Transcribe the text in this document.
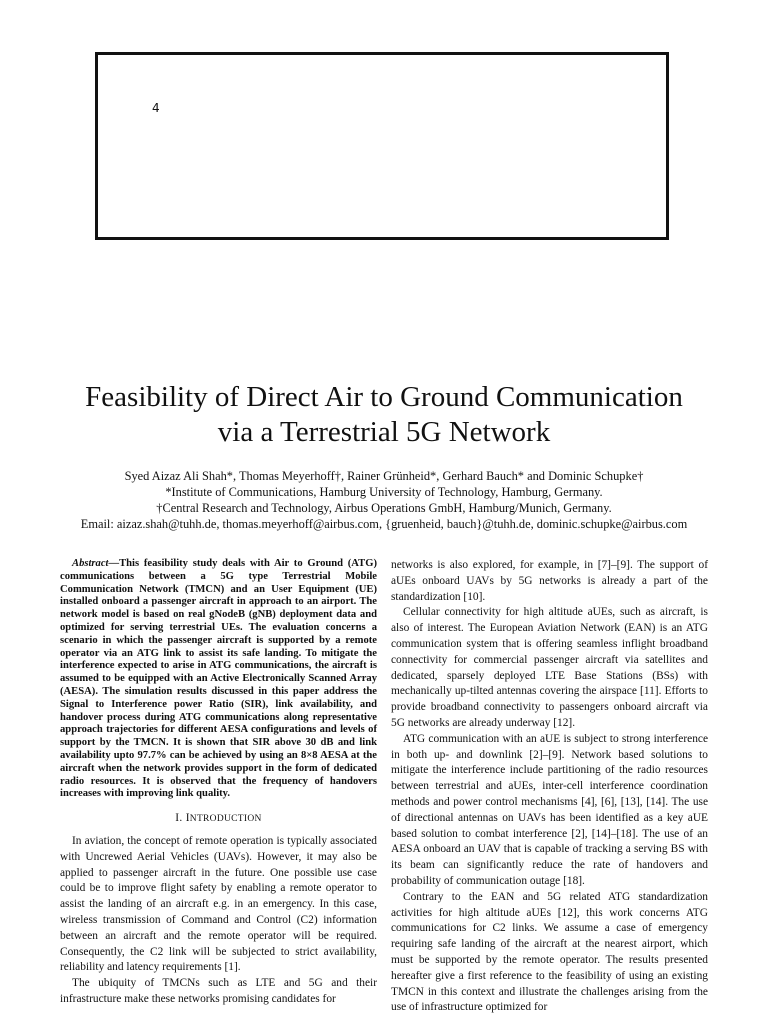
4
Feasibility of Direct Air to Ground Communication
via a Terrestrial 5G Network
Syed Aizaz Ali Shah*, Thomas Meyerhoff†, Rainer Grünheid*, Gerhard Bauch* and Dominic Schupke†
*Institute of Communications, Hamburg University of Technology, Hamburg, Germany.
†Central Research and Technology, Airbus Operations GmbH, Hamburg/Munich, Germany.
Email: aizaz.shah@tuhh.de, thomas.meyerhoff@airbus.com, {gruenheid, bauch}@tuhh.de, dominic.schupke@airbus.com

Abstract—This feasibility study deals with Air to Ground (ATG) communications between a 5G type Terrestrial Mobile Communication Network (TMCN) and an User Equipment (UE) installed onboard a passenger aircraft in approach to an airport. The network model is based on real gNodeB (gNB) deployment data and optimized for serving terrestrial UEs. The evaluation concerns a scenario in which the passenger aircraft is supported by a remote operator via an ATG link to assist its safe landing. To mitigate the interference expected to arise in ATG communications, the aircraft is assumed to be equipped with an Active Electronically Scanned Array (AESA). The simulation results discussed in this paper address the Signal to Interference power Ratio (SIR), link availability, and handover process during ATG communications along representative approach trajectories for different AESA configurations and levels of support by the TMCN. It is shown that SIR above 30 dB and link availability upto 97.7% can be achieved by using an 8×8 AESA at the aircraft when the network provides support in the form of dedicated radio resources. It is observed that the frequency of handovers increases with improving link quality.

I. INTRODUCTION

In aviation, the concept of remote operation is typically associated with Uncrewed Aerial Vehicles (UAVs). However, it may also be applied to passenger aircraft in the future. One possible use case could be to improve flight safety by enabling a remote operator to assist the landing of an aircraft e.g. in an emergency. In this case, wireless transmission of Command and Control (C2) information between an aircraft and the remote operator will be required. Consequently, the C2 link will be subjected to strict availability, reliability and latency requirements [1].

The ubiquity of TMCNs such as LTE and 5G and their infrastructure make these networks promising candidates for

networks is also explored, for example, in [7]–[9]. The support of aUEs onboard UAVs by 5G networks is already a part of the standardization [10].

Cellular connectivity for high altitude aUEs, such as aircraft, is also of interest. The European Aviation Network (EAN) is an ATG communication system that is offering seamless inflight broadband connectivity for commercial passenger aircraft via satellites and dedicated, sparsely deployed LTE Base Stations (BSs) with mechanically up-tilted antennas covering the airspace [11]. Efforts to provide broadband connectivity to passengers onboard aircraft via 5G networks are already underway [12].

ATG communication with an aUE is subject to strong interference in both up- and downlink [2]–[9]. Network based solutions to mitigate the interference include partitioning of the radio resources between terrestrial and aUEs, inter-cell interference coordination methods and power control mechanisms [4], [6], [13], [14]. The use of directional antennas on UAVs has been identified as a key aUE based solution to combat interference [2], [14]–[18]. The use of an AESA onboard an UAV that is capable of tracking a serving BS with its beam can significantly reduce the rate of handovers and probability of communication outage [18].

Contrary to the EAN and 5G related ATG standardization activities for high altitude aUEs [12], this work concerns ATG communications for C2 links. We assume a case of emergency requiring safe landing of the aircraft at the nearest airport, which must be supported by the remote operator. The results presented hereafter give a first reference to the feasibility of using an existing TMCN in this context and illustrate the challenges arising from the use of infrastructure optimized for
